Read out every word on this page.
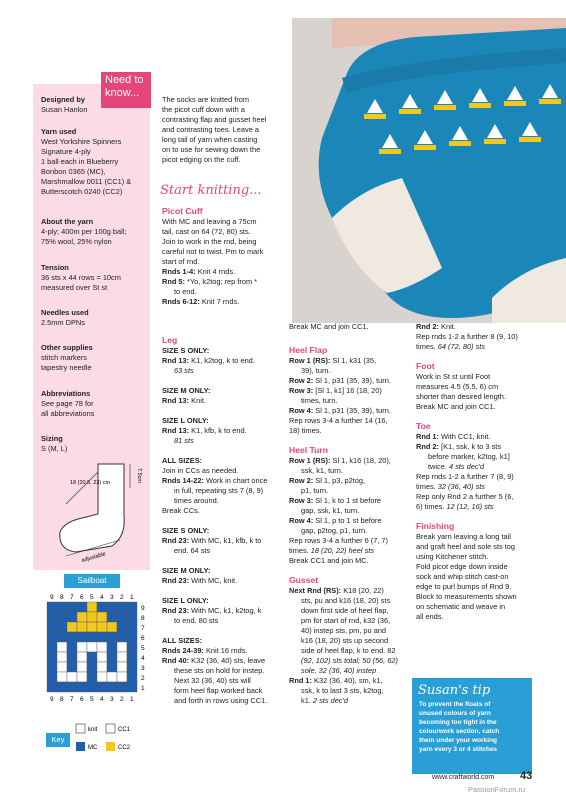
Need to know...
Designed by
Susan Hanlon
Yarn used
West Yorkshire Spinners
Signature 4-ply
1 ball each in Blueberry
Bonbon 0365 (MC),
Marshmallow 0011 (CC1) &
Butterscotch 0240 (CC2)
About the yarn
4-ply; 400m per 100g ball;
75% wool, 25% nylon
Tension
36 sts x 44 rows = 10cm
measured over St st
Needles used
2.5mm DPNs
Other supplies
stitch markers
tapestry needle
Abbreviations
See page 78 for
all abbreviations
Sizing
S (M, L)
7.5cm
18 (20.5, 23) cm
adjustable
Sailboat
9
9
8
8
7
7
6
6
5
5
4
4
3
3
2
2
1
1
9
8
7
6
5
4
3
2
1
Key
knit	CC1
MC	CC2
The socks are knitted from
the picot cuff down with a
contrasting flap and gusset heel
and contrasting toes. Leave a
long tail of yarn when casting
on to use for sewing down the
picot edging on the cuff.
Start knitting...
Picot Cuff
With MC and leaving a 75cm
tail, cast on 64 (72, 80) sts.
Join to work in the rnd, being
careful not to twist. Pm to mark
start of rnd.
Rnds 1-4: Knit 4 rnds.
Rnd 5: *Yo, k2tog; rep from *
to end.
Rnds 6-12: Knit 7 rnds.
Leg
SIZE S ONLY:
Rnd 13: K1, k2tog, k to end.
63 sts
SIZE M ONLY:
Rnd 13: Knit.
SIZE L ONLY:
Rnd 13: K1, kfb, k to end.
81 sts
ALL SIZES:
Join in CCs as needed.
Rnds 14-22: Work in chart once
in full, repeating sts 7 (8, 9)
times around.
Break CCs.
SIZE S ONLY:
Rnd 23: With MC, k1, kfb, k to
end. 64 sts
SIZE M ONLY:
Rnd 23: With MC, knit.
SIZE L ONLY:
Rnd 23: With MC, k1, k2tog, k
to end. 80 sts
ALL SIZES:
Rnds 24-39: Knit 16 rnds.
Rnd 40: K32 (36, 40) sts, leave
these sts on hold for instep.
Next 32 (36, 40) sts will
form heel flap worked back
and forth in rows using CC1.
Break MC and join CC1.
Heel Flap
Row 1 (RS): Sl 1, k31 (35,
39), turn.
Row 2: Sl 1, p31 (35, 39), turn.
Row 3: [Sl 1, k1] 16 (18, 20)
times, turn.
Row 4: Sl 1, p31 (35, 39), turn.
Rep rows 3-4 a further 14 (16,
18) times.
Heel Turn
Row 1 (RS): Sl 1, k16 (18, 20),
ssk, k1, turn.
Row 2: Sl 1, p3, p2tog,
p1, turn.
Row 3: Sl 1, k to 1 st before
gap, ssk, k1, turn.
Row 4: Sl 1, p to 1 st before
gap, p2tog, p1, turn.
Rep rows 3-4 a further 6 (7, 7)
times. 18 (20, 22) heel sts
Break CC1 and join MC.
Gusset
Next Rnd (RS): K18 (20, 22)
sts, pu and k16 (18, 20) sts
down first side of heel flap,
pm for start of rnd, k32 (36,
40) instep sts, pm, pu and
k16 (18, 20) sts up second
side of heel flap, k to end. 82
(92, 102) sts total; 50 (56, 62)
sole, 32 (36, 40) instep
Rnd 1: K32 (36, 40), sm, k1,
ssk, k to last 3 sts, k2tog,
k1. 2 sts dec'd
Rnd 2: Knit.
Rep rnds 1-2 a further 8 (9, 10)
times. 64 (72, 80) sts
Foot
Work in St st until Foot
measures 4.5 (5.5, 6) cm
shorter than desired length.
Break MC and join CC1.
Toe
Rnd 1: With CC1, knit.
Rnd 2: [K1, ssk, k to 3 sts
before marker, k2tog, k1]
twice. 4 sts dec'd
Rep rnds 1-2 a further 7 (8, 9)
times. 32 (36, 40) sts
Rep only Rnd 2 a further 5 (6,
6) times. 12 (12, 16) sts
Finishing
Break yarn leaving a long tail
and graft heel and sole sts tog
using Kitchener stitch.
Fold picot edge down inside
sock and whip stitch cast-on
edge to purl bumps of Rnd 9.
Block to measurements shown
on schematic and weave in
all ends.
Susan's tip
To prevent the floats of
unused colours of yarn
becoming too tight in the
colourwork section, catch
them under your working
yarn every 3 or 4 stitches
www.craftworld.com 43
PassionForum.ru
